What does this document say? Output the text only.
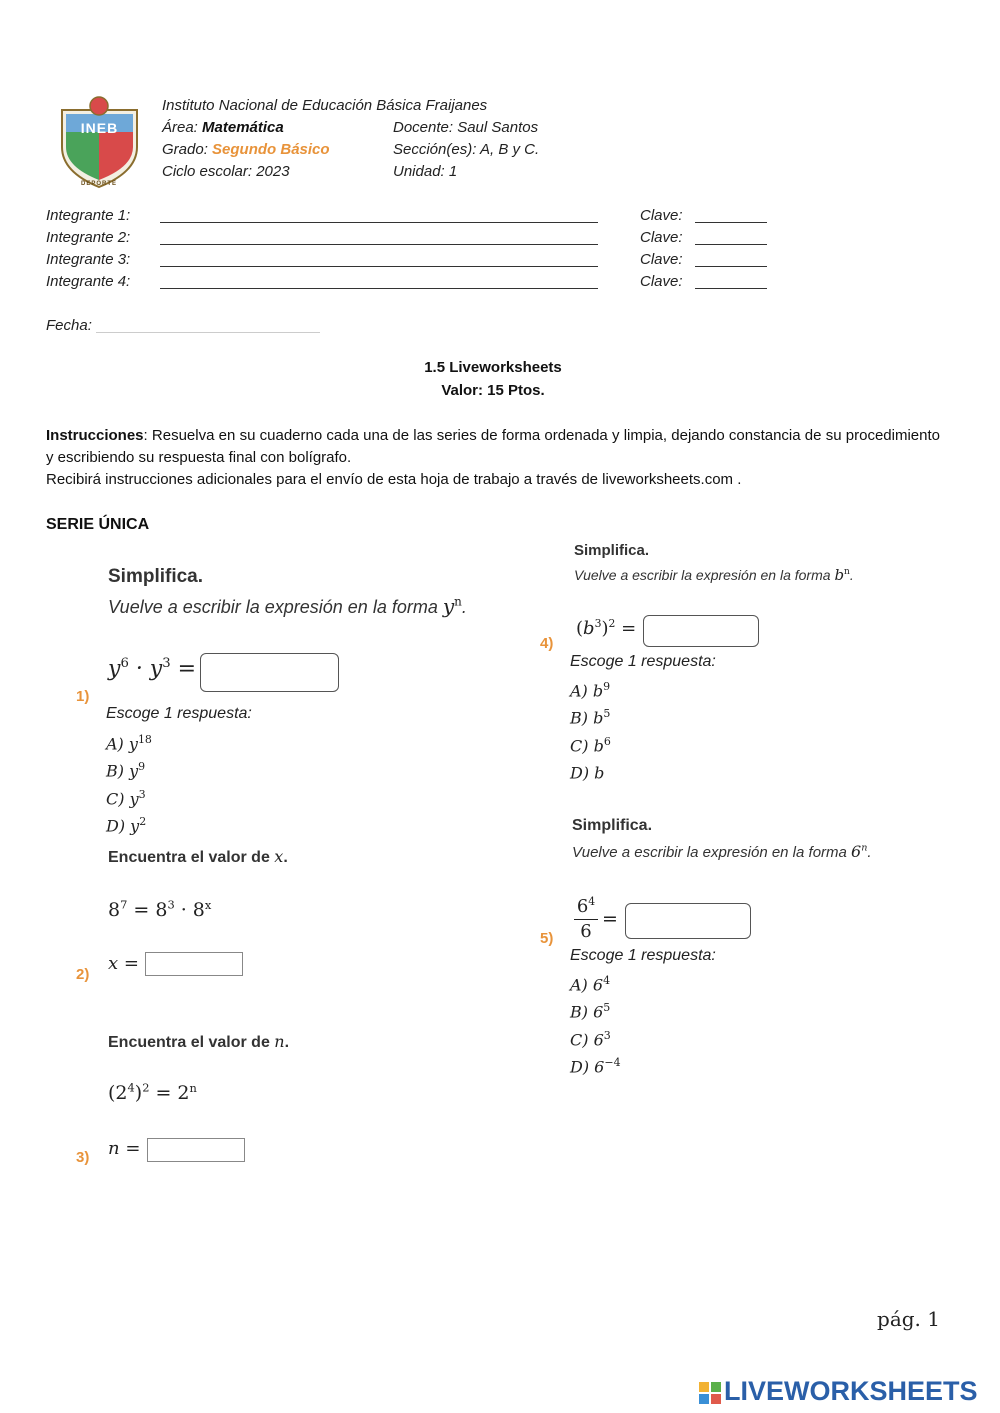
INEB
DEPORTE
Instituto Nacional de Educación Básica Fraijanes
Área: Matemática	Docente: Saul Santos
Grado: Segundo Básico	Sección(es): A, B y C.
Ciclo escolar: 2023	Unidad: 1
Integrante 1:	Clave:
Integrante 2:	Clave:
Integrante 3:	Clave:
Integrante 4:	Clave:
Fecha:
1.5 Liveworksheets
Valor: 15 Ptos.
Instrucciones: Resuelva en su cuaderno cada una de las series de forma ordenada y limpia, dejando constancia de su procedimiento y escribiendo su respuesta final con bolígrafo.
Recibirá instrucciones adicionales para el envío de esta hoja de trabajo a través de liveworksheets.com .
SERIE ÚNICA
1)
Simplifica.
Vuelve a escribir la expresión en la forma $y^n$.
$y^6 \cdot y^3$ =
Escoge 1 respuesta:
A) $y^{18}$
B) $y^9$
C) $y^3$
D) $y^2$
2)
Encuentra el valor de x.
$8^7 = 8^3 \cdot 8^x$
x =
3)
Encuentra el valor de n.
$(2^4)^2 = 2^n$
n =
4)
Simplifica.
Vuelve a escribir la expresión en la forma $b^n$.
$(b^3)^2$ =
Escoge 1 respuesta:
A) $b^9$
B) $b^5$
C) $b^6$
D) b
5)
Simplifica.
Vuelve a escribir la expresión en la forma 6$^n$.
$6^4$
6
=
Escoge 1 respuesta:
A) $6^4$
B) $6^5$
C) $6^3$
D) $6^{-4}$
pág. 1
LIVEWORKSHEETS
